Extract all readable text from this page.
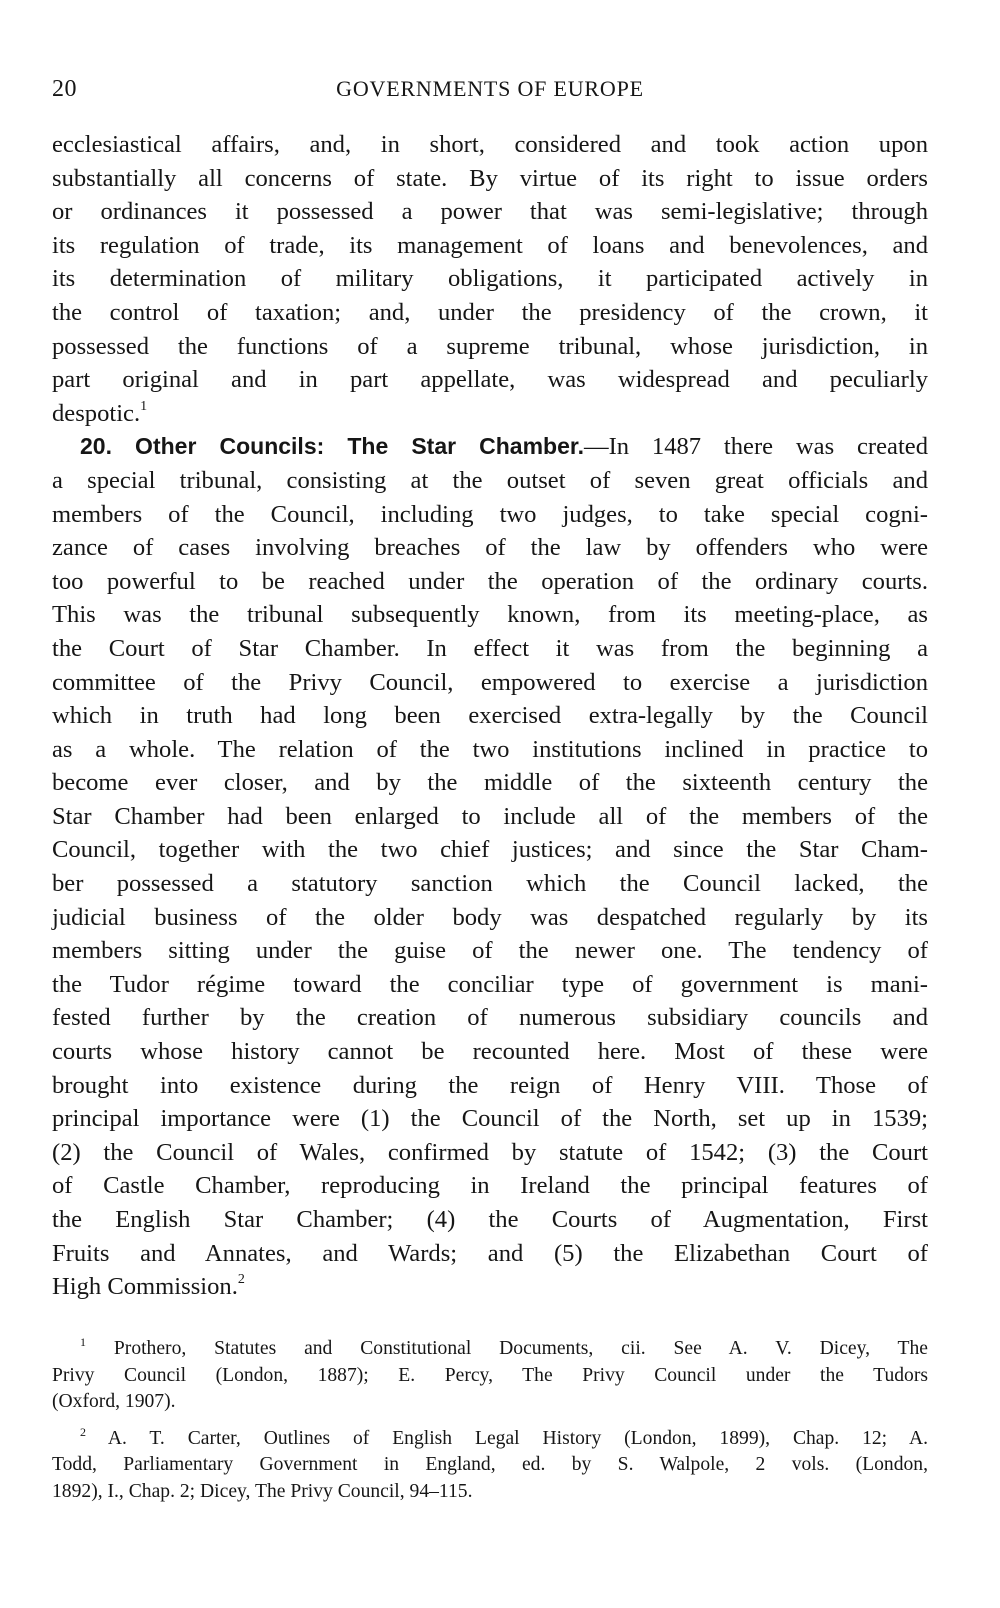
20	GOVERNMENTS OF EUROPE
ecclesiastical affairs, and, in short, considered and took action upon
substantially all concerns of state. By virtue of its right to issue orders
or ordinances it possessed a power that was semi-legislative; through
its regulation of trade, its management of loans and benevolences, and
its determination of military obligations, it participated actively in
the control of taxation; and, under the presidency of the crown, it
possessed the functions of a supreme tribunal, whose jurisdiction, in
part original and in part appellate, was widespread and peculiarly
despotic.$^1$
20. Other Councils: The Star Chamber.—In 1487 there was created
a special tribunal, consisting at the outset of seven great officials and
members of the Council, including two judges, to take special cogni-
zance of cases involving breaches of the law by offenders who were
too powerful to be reached under the operation of the ordinary courts.
This was the tribunal subsequently known, from its meeting-place, as
the Court of Star Chamber. In effect it was from the beginning a
committee of the Privy Council, empowered to exercise a jurisdiction
which in truth had long been exercised extra-legally by the Council
as a whole. The relation of the two institutions inclined in practice to
become ever closer, and by the middle of the sixteenth century the
Star Chamber had been enlarged to include all of the members of the
Council, together with the two chief justices; and since the Star Cham-
ber possessed a statutory sanction which the Council lacked, the
judicial business of the older body was despatched regularly by its
members sitting under the guise of the newer one. The tendency of
the Tudor régime toward the conciliar type of government is mani-
fested further by the creation of numerous subsidiary councils and
courts whose history cannot be recounted here. Most of these were
brought into existence during the reign of Henry VIII. Those of
principal importance were (1) the Council of the North, set up in 1539;
(2) the Council of Wales, confirmed by statute of 1542; (3) the Court
of Castle Chamber, reproducing in Ireland the principal features of
the English Star Chamber; (4) the Courts of Augmentation, First
Fruits and Annates, and Wards; and (5) the Elizabethan Court of
High Commission.$^2$
$^1$ Prothero, Statutes and Constitutional Documents, cii. See A. V. Dicey, The
Privy Council (London, 1887); E. Percy, The Privy Council under the Tudors
(Oxford, 1907).
$^2$ A. T. Carter, Outlines of English Legal History (London, 1899), Chap. 12; A.
Todd, Parliamentary Government in England, ed. by S. Walpole, 2 vols. (London,
1892), I., Chap. 2; Dicey, The Privy Council, 94–115.
